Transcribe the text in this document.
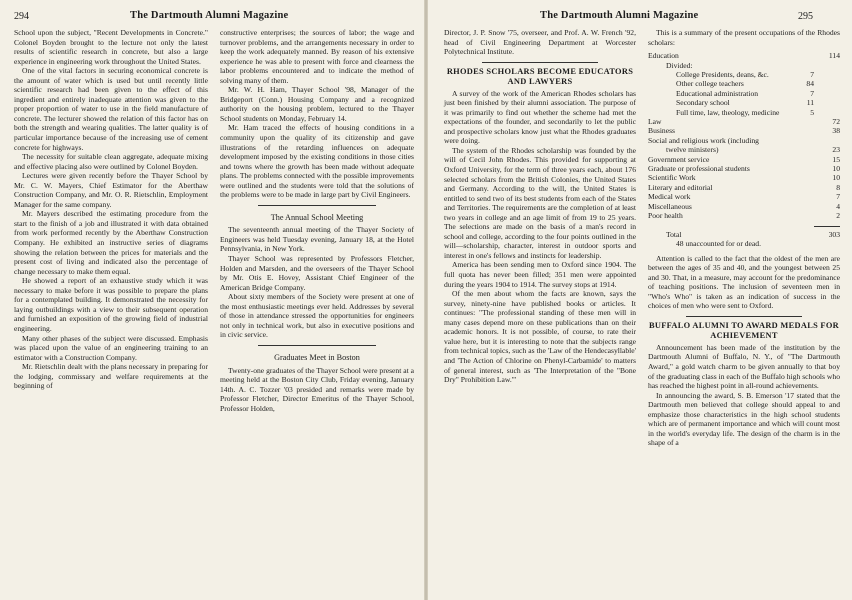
294	The Dartmouth Alumni Magazine

School upon the subject, "Recent Developments in Concrete." Colonel Boyden brought to the lecture not only the latest results of scientific research in concrete, but also a large experience in engineering work throughout the United States.

One of the vital factors in securing economical concrete is the amount of water which is used but until recently little scientific research had been given to the effect of this ingredient and entirely inadequate attention was given to the proper proportion of water to use in the field manufacture of concrete. The lecturer showed the relation of this factor has on both the strength and wearing qualities. The latter quality is of particular importance because of the increasing use of cement concrete for highways.

The necessity for suitable clean aggregate, adequate mixing and effective placing also were outlined by Colonel Boyden.

Lectures were given recently before the Thayer School by Mr. C. W. Mayers, Chief Estimator for the Aberthaw Construction Company, and Mr. O. R. Rietschlin, Employment Manager for the same company.

Mr. Mayers described the estimating procedure from the start to the finish of a job and illustrated it with data obtained from work performed recently by the Aberthaw Construction Company. He exhibited an instructive series of diagrams showing the relation between the prices for materials and the present cost of living and indicated also the percentage of change necessary to make them equal.

He showed a report of an exhaustive study which it was necessary to make before it was possible to prepare the plans for a contemplated building. It demonstrated the necessity for laying outbuildings with a view to their subsequent operation and furnished an exposition of the growing field of industrial engineering.

Many other phases of the subject were discussed. Emphasis was placed upon the value of an engineering training to an estimator with a Construction Company.

Mr. Rietschlin dealt with the plans necessary in preparing for the lodging, commissary and welfare requirements at the beginning of

constructive enterprises; the sources of labor; the wage and turnover problems, and the arrangements necessary in order to keep the work adequately manned. By reason of his extensive experience he was able to present with force and clearness the labor problems encountered and to indicate the method of solving many of them.

Mr. W. H. Ham, Thayer School '98, Manager of the Bridgeport (Conn.) Housing Company and a recognized authority on the housing problem, lectured to the Thayer School students on Monday, February 14.

Mr. Ham traced the effects of housing conditions in a community upon the quality of its citizenship and gave illustrations of the retarding influences on adequate development imposed by the existing conditions in those cities and towns where the growth has been made without adequate plans. The problems connected with the possible improvements were outlined and the students were told that the solutions of the problems were to be made in large part by Civil Engineers.

The Annual School Meeting

The seventeenth annual meeting of the Thayer Society of Engineers was held Tuesday evening, January 18, at the Hotel Pennsylvania, in New York.

Thayer School was represented by Professors Fletcher, Holden and Marsden, and the overseers of the Thayer School by Mr. Otis E. Hovey, Assistant Chief Engineer of the American Bridge Company.

About sixty members of the Society were present at one of the most enthusiastic meetings ever held. Addresses by several of those in attendance stressed the opportunities for engineers not only in technical work, but also in executive positions and in civic service.

Graduates Meet in Boston

Twenty-one graduates of the Thayer School were present at a meeting held at the Boston City Club, Friday evening, January 14th. A. C. Tozzer '03 presided and remarks were made by Professor Fletcher, Director Emeritus of the Thayer School, Professor Holden,

The Dartmouth Alumni Magazine	295

Director, J. P. Snow '75, overseer, and Prof. A. W. French '92, head of Civil Engineering Department at Worcester Polytechnical Institute.

RHODES SCHOLARS BECOME EDUCATORS AND LAWYERS

A survey of the work of the American Rhodes scholars has just been finished by their alumni association. The purpose of it was primarily to find out whether the scheme had met the expectations of the founder, and secondarily to let the public and prospective scholars know just what the Rhodes graduates were doing.

The system of the Rhodes scholarship was founded by the will of Cecil John Rhodes. This provided for supporting at Oxford University, for the term of three years each, about 176 selected scholars from the British Colonies, the United States and Germany. According to the will, the United States is entitled to send two of its best students from each of the States and Territories. The requirements are the completion of at least two years in college and an age limit of from 19 to 25 years. The selections are made on the basis of a man's record in school and college, according to the four points outlined in the will—scholarship, character, interest in outdoor sports and interest in one's fellows and instincts for leadership.

America has been sending men to Oxford since 1904. The full quota has never been filled; 351 men were appointed during the years 1904 to 1914. The survey stops at 1914.

Of the men about whom the facts are known, says the survey, ninety-nine have published books or articles. It continues: "The professional standing of these men will in many cases depend more on these publications than on their academic honors. It is not possible, of course, to rate their value here, but it is interesting to note that the subjects range from technical topics, such as the 'Law of the Hendecasyllable' and 'The Action of Chlorine on Phenyl-Carbamide' to matters of general interest, such as 'The Interpretation of the "Bone Dry" Prohibition Law.'"

This is a summary of the present occupations of the Rhodes scholars:

Education		114
Divided:		
College Presidents, deans, &c.	7	
Other college teachers	84	
Educational administration	7	
Secondary school	11	
Full time, law, theology, medicine	5	
Law		72
Business		38
Social and religious work (including		
twelve ministers)		23
Government service		15
Graduate or professional students		10
Scientific Work		10
Literary and editorial		8
Medical work		7
Miscellaneous		4
Poor health		2

Total		303
48 unaccounted for or dead.		

Attention is called to the fact that the oldest of the men are between the ages of 35 and 40, and the youngest between 25 and 30. That, in a measure, may account for the predominance of teaching positions. The inclusion of seventeen men in "Who's Who" is taken as an indication of success in the choices of men who were sent to Oxford.

BUFFALO ALUMNI TO AWARD MEDALS FOR ACHIEVEMENT

Announcement has been made of the institution by the Dartmouth Alumni of Buffalo, N. Y., of "The Dartmouth Award," a gold watch charm to be given annually to that boy of the graduating class in each of the Buffalo high schools who has reached the highest point in all-round achievements.

In announcing the award, S. B. Emerson '17 stated that the Dartmouth men believed that college should appeal to and emphasize those characteristics in the high school students which are of permanent importance and which will count most in the world's everyday life. The design of the charm is in the shape of a
